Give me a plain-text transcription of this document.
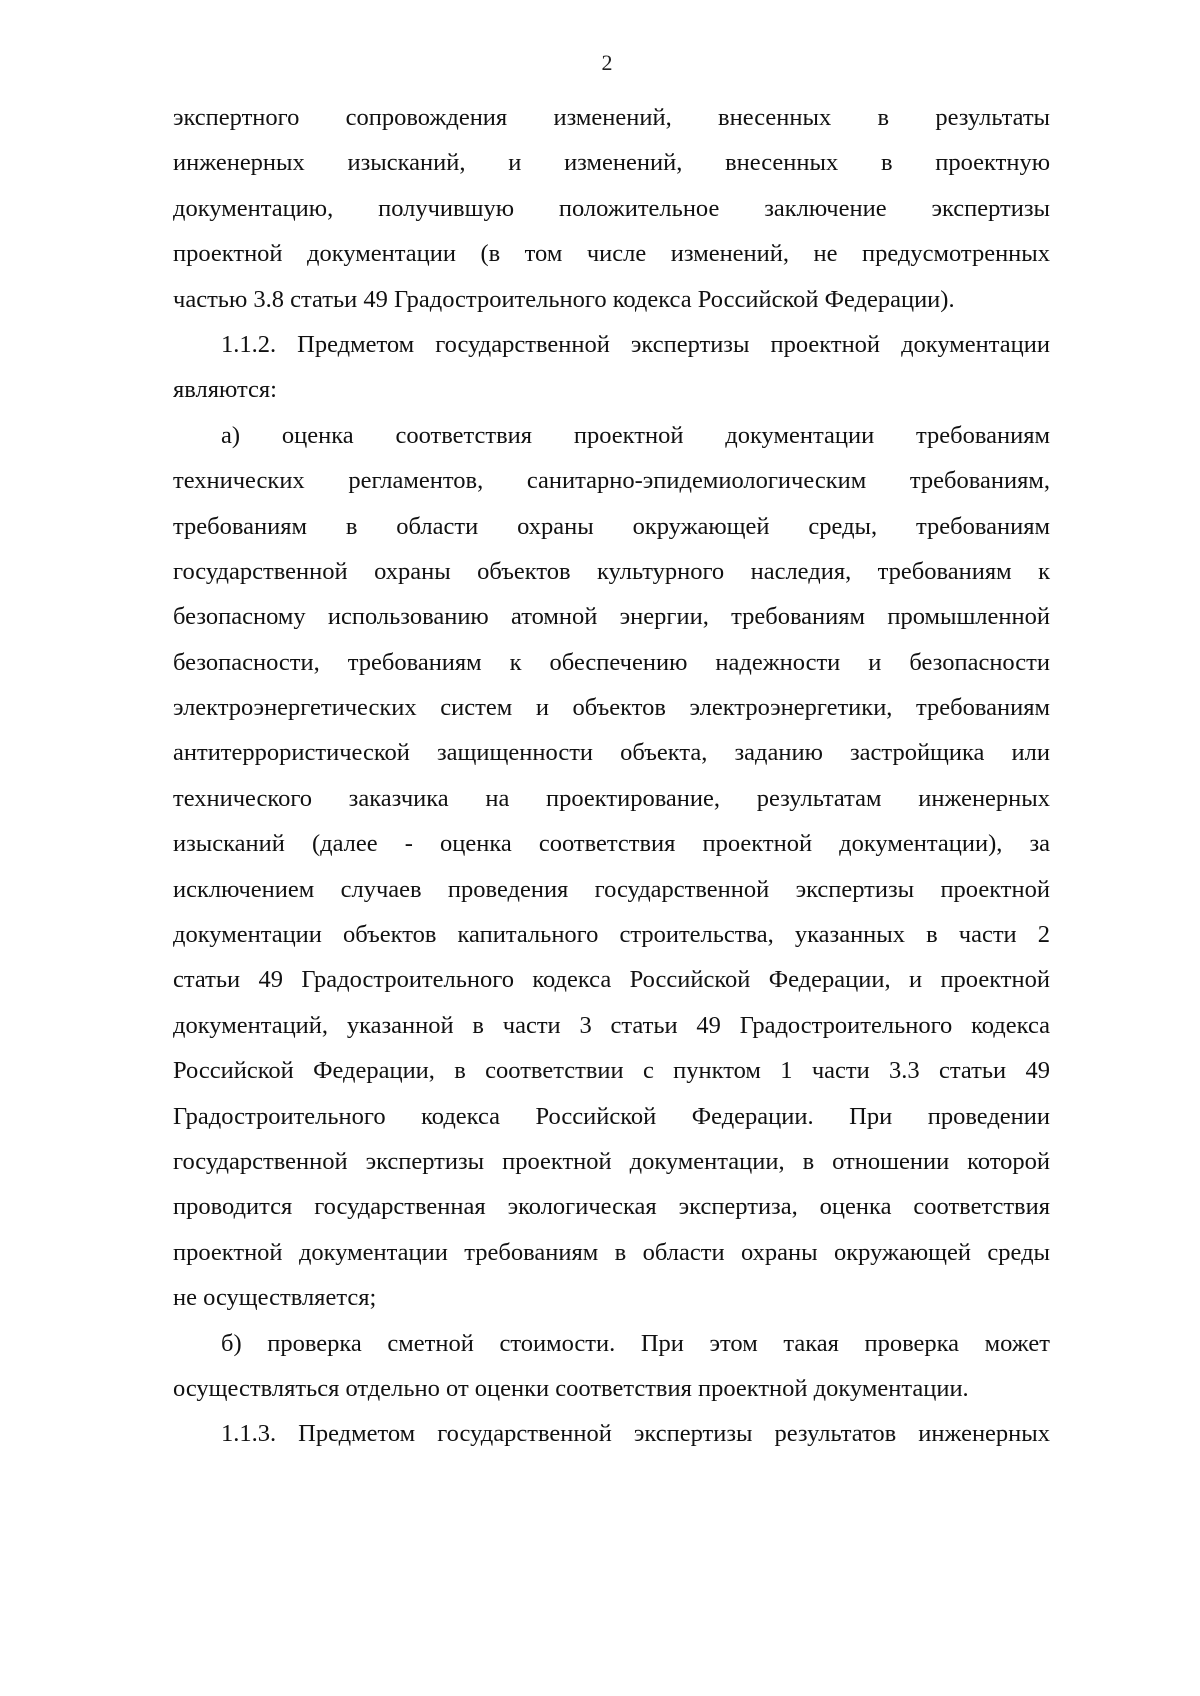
2
экспертного сопровождения изменений, внесенных в результаты
инженерных изысканий, и изменений, внесенных в проектную
документацию, получившую положительное заключение экспертизы
проектной документации (в том числе изменений, не предусмотренных
частью 3.8 статьи 49 Градостроительного кодекса Российской Федерации).
1.1.2. Предметом государственной экспертизы проектной документации
являются:
а) оценка соответствия проектной документации требованиям
технических регламентов, санитарно-эпидемиологическим требованиям,
требованиям в области охраны окружающей среды, требованиям
государственной охраны объектов культурного наследия, требованиям к
безопасному использованию атомной энергии, требованиям промышленной
безопасности, требованиям к обеспечению надежности и безопасности
электроэнергетических систем и объектов электроэнергетики, требованиям
антитеррористической защищенности объекта, заданию застройщика или
технического заказчика на проектирование, результатам инженерных
изысканий (далее - оценка соответствия проектной документации), за
исключением случаев проведения государственной экспертизы проектной
документации объектов капитального строительства, указанных в части 2
статьи 49 Градостроительного кодекса Российской Федерации, и проектной
документаций, указанной в части 3 статьи 49 Градостроительного кодекса
Российской Федерации, в соответствии с пунктом 1 части 3.3 статьи 49
Градостроительного кодекса Российской Федерации. При проведении
государственной экспертизы проектной документации, в отношении которой
проводится государственная экологическая экспертиза, оценка соответствия
проектной документации требованиям в области охраны окружающей среды
не осуществляется;
б) проверка сметной стоимости. При этом такая проверка может
осуществляться отдельно от оценки соответствия проектной документации.
1.1.3. Предметом государственной экспертизы результатов инженерных
